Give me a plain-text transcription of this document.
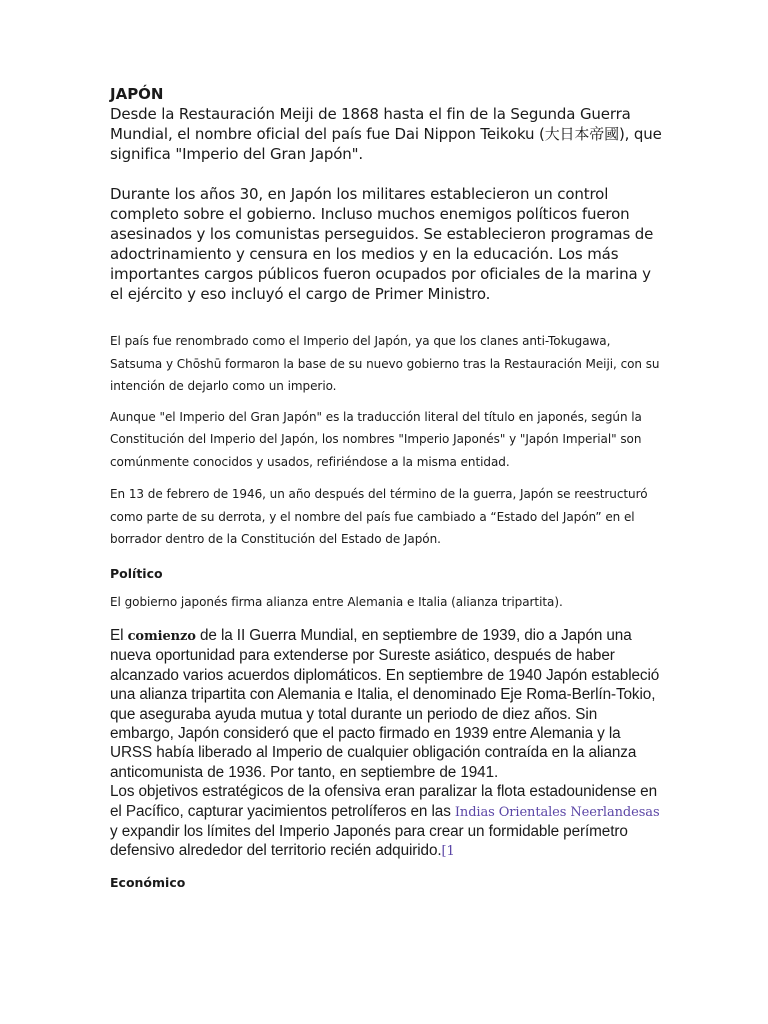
JAPÓN

Desde la Restauración Meiji de 1868 hasta el fin de la Segunda Guerra Mundial, el nombre oficial del país fue Dai Nippon Teikoku (大日本帝國), que significa "Imperio del Gran Japón".

Durante los años 30, en Japón los militares establecieron un control completo sobre el gobierno. Incluso muchos enemigos políticos fueron asesinados y los comunistas perseguidos. Se establecieron programas de adoctrinamiento y censura en los medios y en la educación. Los más importantes cargos públicos fueron ocupados por oficiales de la marina y el ejército y eso incluyó el cargo de Primer Ministro.

El país fue renombrado como el Imperio del Japón, ya que los clanes anti-Tokugawa, Satsuma y Chōshū formaron la base de su nuevo gobierno tras la Restauración Meiji, con su intención de dejarlo como un imperio.

Aunque "el Imperio del Gran Japón" es la traducción literal del título en japonés, según la Constitución del Imperio del Japón, los nombres "Imperio Japonés" y "Japón Imperial" son comúnmente conocidos y usados, refiriéndose a la misma entidad.

En 13 de febrero de 1946, un año después del término de la guerra, Japón se reestructuró como parte de su derrota, y el nombre del país fue cambiado a “Estado del Japón” en el borrador dentro de la Constitución del Estado de Japón.

Político

El gobierno japonés firma alianza entre Alemania e Italia (alianza tripartita).

El comienzo de la II Guerra Mundial, en septiembre de 1939, dio a Japón una nueva oportunidad para extenderse por Sureste asiático, después de haber alcanzado varios acuerdos diplomáticos. En septiembre de 1940 Japón estableció una alianza tripartita con Alemania e Italia, el denominado Eje Roma-Berlín-Tokio, que aseguraba ayuda mutua y total durante un periodo de diez años. Sin embargo, Japón consideró que el pacto firmado en 1939 entre Alemania y la URSS había liberado al Imperio de cualquier obligación contraída en la alianza anticomunista de 1936. Por tanto, en septiembre de 1941.

Los objetivos estratégicos de la ofensiva eran paralizar la flota estadounidense en el Pacífico, capturar yacimientos petrolíferos en las Indias Orientales Neerlandesas y expandir los límites del Imperio Japonés para crear un formidable perímetro defensivo alrededor del territorio recién adquirido.[1

Económico
